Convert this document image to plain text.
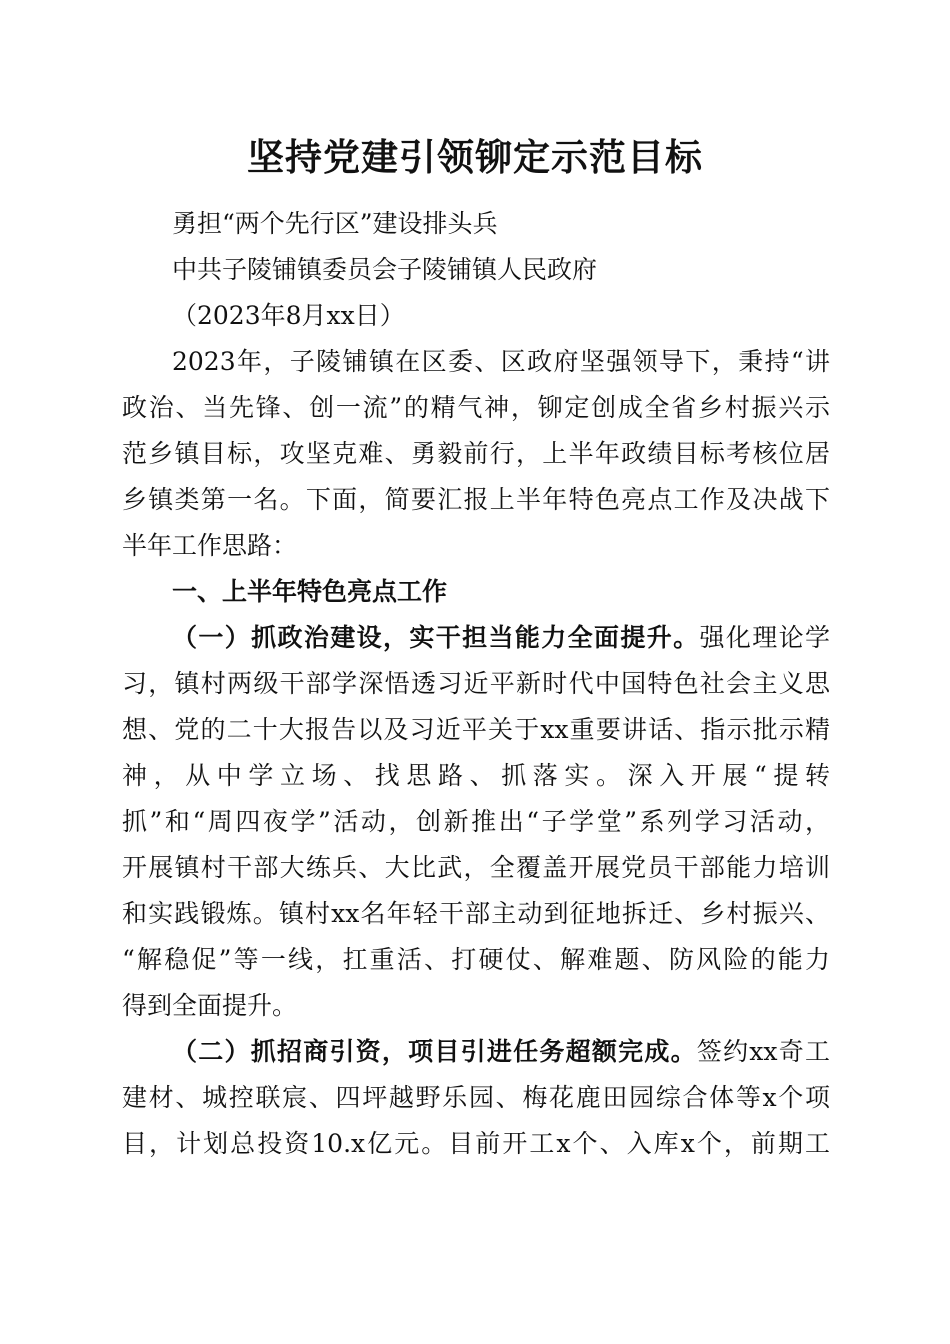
坚持党建引领铆定示范目标
勇担“两个先行区”建设排头兵
中共子陵铺镇委员会子陵铺镇人民政府
（2023年8月xx日）
2023年，子陵铺镇在区委、区政府坚强领导下，秉持“讲
政治、当先锋、创一流”的精气神，铆定创成全省乡村振兴示
范乡镇目标，攻坚克难、勇毅前行，上半年政绩目标考核位居
乡镇类第一名。下面，简要汇报上半年特色亮点工作及决战下
半年工作思路：
一、上半年特色亮点工作
（一）抓政治建设，实干担当能力全面提升。强化理论学
习，镇村两级干部学深悟透习近平新时代中国特色社会主义思
想、党的二十大报告以及习近平关于xx重要讲话、指示批示精
神，从中学立场、找思路、抓落实。深入开展“提转
抓”和“周四夜学”活动，创新推出“子学堂”系列学习活动，
开展镇村干部大练兵、大比武，全覆盖开展党员干部能力培训
和实践锻炼。镇村xx名年轻干部主动到征地拆迁、乡村振兴、
“解稳促”等一线，扛重活、打硬仗、解难题、防风险的能力
得到全面提升。
（二）抓招商引资，项目引进任务超额完成。签约xx奇工
建材、城控联宸、四坪越野乐园、梅花鹿田园综合体等x个项
目，计划总投资10.x亿元。目前开工x个、入库x个，前期工
